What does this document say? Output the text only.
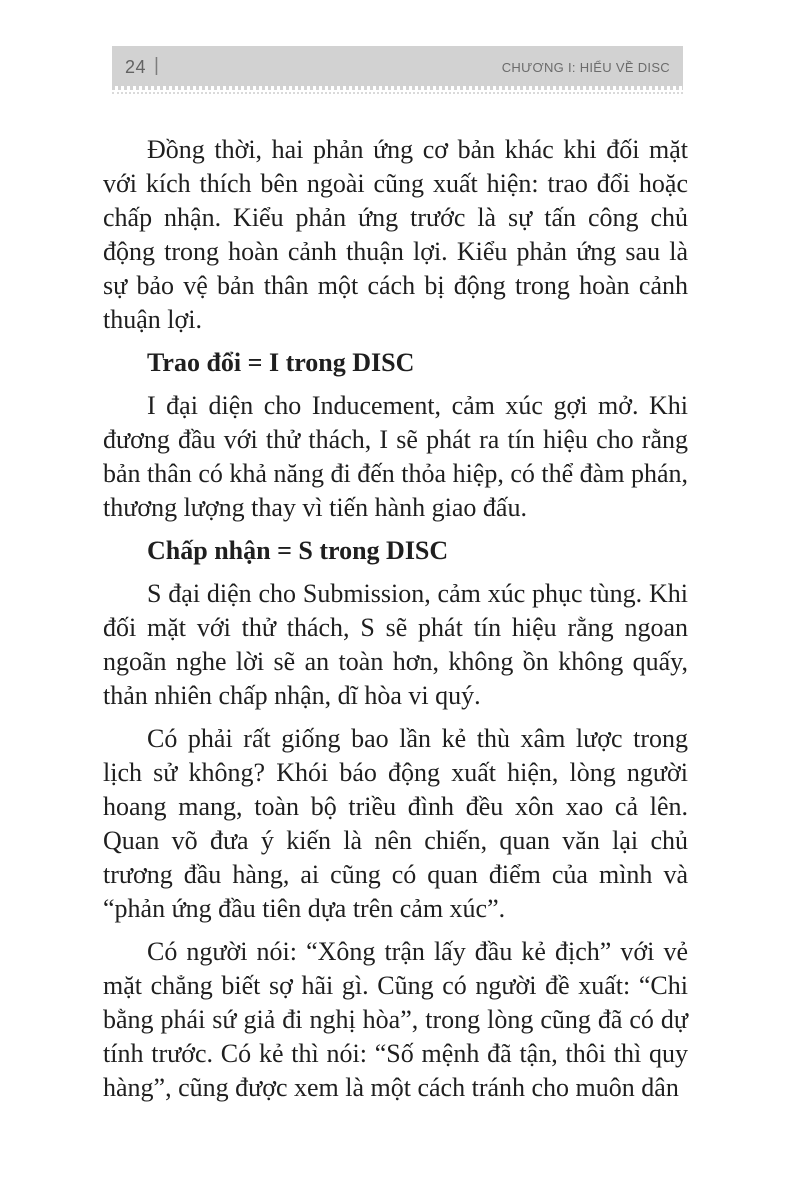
24 |	CHƯƠNG I: HIỂU VỀ DISC

Đồng thời, hai phản ứng cơ bản khác khi đối mặt với kích thích bên ngoài cũng xuất hiện: trao đổi hoặc chấp nhận. Kiểu phản ứng trước là sự tấn công chủ động trong hoàn cảnh thuận lợi. Kiểu phản ứng sau là sự bảo vệ bản thân một cách bị động trong hoàn cảnh thuận lợi.

Trao đổi = I trong DISC

I đại diện cho Inducement, cảm xúc gợi mở. Khi đương đầu với thử thách, I sẽ phát ra tín hiệu cho rằng bản thân có khả năng đi đến thỏa hiệp, có thể đàm phán, thương lượng thay vì tiến hành giao đấu.

Chấp nhận = S trong DISC

S đại diện cho Submission, cảm xúc phục tùng. Khi đối mặt với thử thách, S sẽ phát tín hiệu rằng ngoan ngoãn nghe lời sẽ an toàn hơn, không ồn không quấy, thản nhiên chấp nhận, dĩ hòa vi quý.

Có phải rất giống bao lần kẻ thù xâm lược trong lịch sử không? Khói báo động xuất hiện, lòng người hoang mang, toàn bộ triều đình đều xôn xao cả lên. Quan võ đưa ý kiến là nên chiến, quan văn lại chủ trương đầu hàng, ai cũng có quan điểm của mình và “phản ứng đầu tiên dựa trên cảm xúc”.

Có người nói: “Xông trận lấy đầu kẻ địch” với vẻ mặt chẳng biết sợ hãi gì. Cũng có người đề xuất: “Chi bằng phái sứ giả đi nghị hòa”, trong lòng cũng đã có dự tính trước. Có kẻ thì nói: “Số mệnh đã tận, thôi thì quy hàng”, cũng được xem là một cách tránh cho muôn dân
